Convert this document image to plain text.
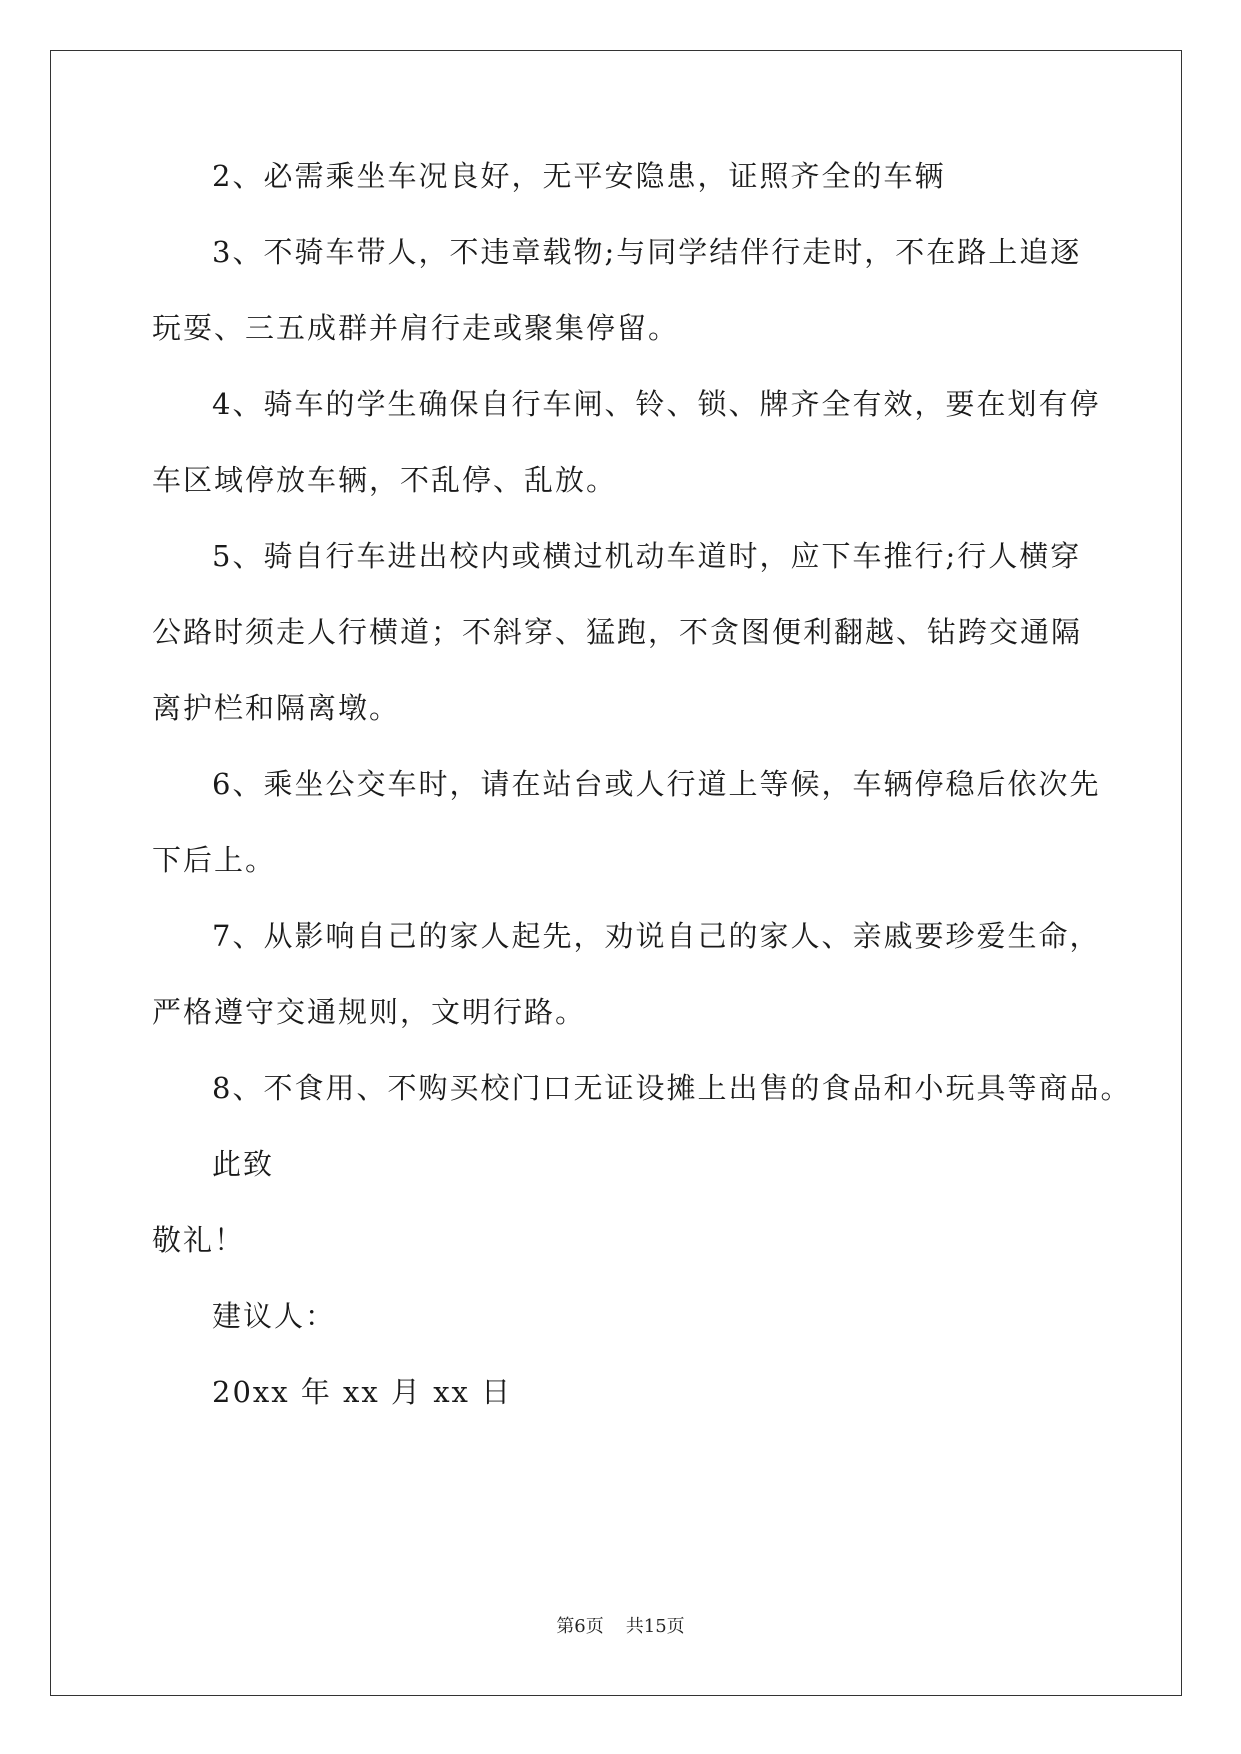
2、必需乘坐车况良好，无平安隐患，证照齐全的车辆
3、不骑车带人，不违章载物;与同学结伴行走时，不在路上追逐
玩耍、三五成群并肩行走或聚集停留。
4、骑车的学生确保自行车闸、铃、锁、牌齐全有效，要在划有停
车区域停放车辆，不乱停、乱放。
5、骑自行车进出校内或横过机动车道时，应下车推行;行人横穿
公路时须走人行横道；不斜穿、猛跑，不贪图便利翻越、钻跨交通隔
离护栏和隔离墩。
6、乘坐公交车时，请在站台或人行道上等候，车辆停稳后依次先
下后上。
7、从影响自己的家人起先，劝说自己的家人、亲戚要珍爱生命，
严格遵守交通规则，文明行路。
8、不食用、不购买校门口无证设摊上出售的食品和小玩具等商品。
此致
敬礼！
建议人：
20xx 年 xx 月 xx 日
第6页 共15页
